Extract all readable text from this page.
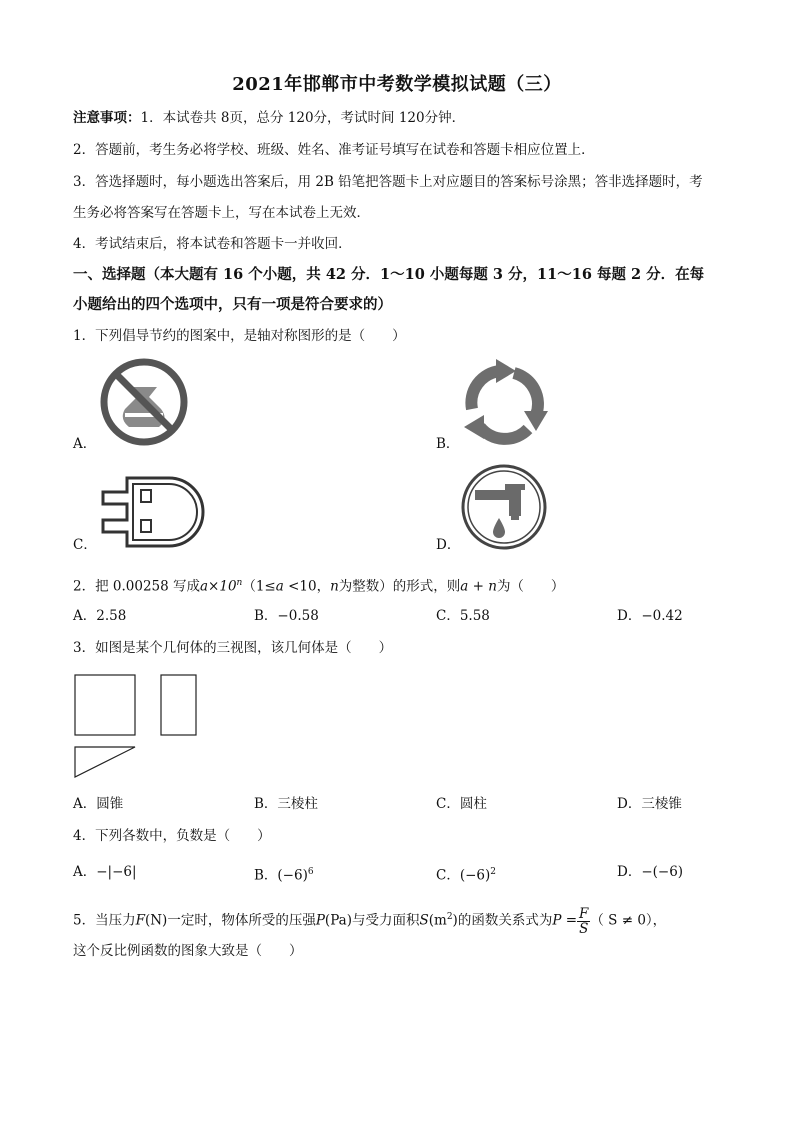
2021年邯郸市中考数学模拟试题（三）
注意事项：1．本试卷共 8页，总分 120分，考试时间 120分钟．
2．答题前，考生务必将学校、班级、姓名、准考证号填写在试卷和答题卡相应位置上．
3．答选择题时，每小题选出答案后，用 2B 铅笔把答题卡上对应题目的答案标号涂黑；答非选择题时，考
生务必将答案写在答题卡上，写在本试卷上无效．
4．考试结束后，将本试卷和答题卡一并收回．
一、选择题（本大题有 16 个小题，共 42 分．1～10 小题每题 3 分，11～16 每题 2 分．在每
小题给出的四个选项中，只有一项是符合要求的）
1．下列倡导节约的图案中，是轴对称图形的是（　　）
A．	B．
C．	D．
2．把 0.00258 写成$a\times 10^n(1\le a <10$，n为整数）的形式，则a + n为（　　）
A．2.58	B．−0.58	C．5.58	D．−0.42
3．如图是某个几何体的三视图，该几何体是（　　）
A．圆锥	B．三棱柱	C．圆柱	D．三棱锥
4．下列各数中，负数是（　　）
A．−|−6|	B．$(-6)^6$	C．$(-6)^2$	D．−(−6)
5．当压力F(N)一定时，物体所受的压强P(Pa)与受力面积$S(m^2)$的函数关系式为$P = \frac{F}{S}$ （ S ≠ 0），
这个反比例函数的图象大致是（　　）
